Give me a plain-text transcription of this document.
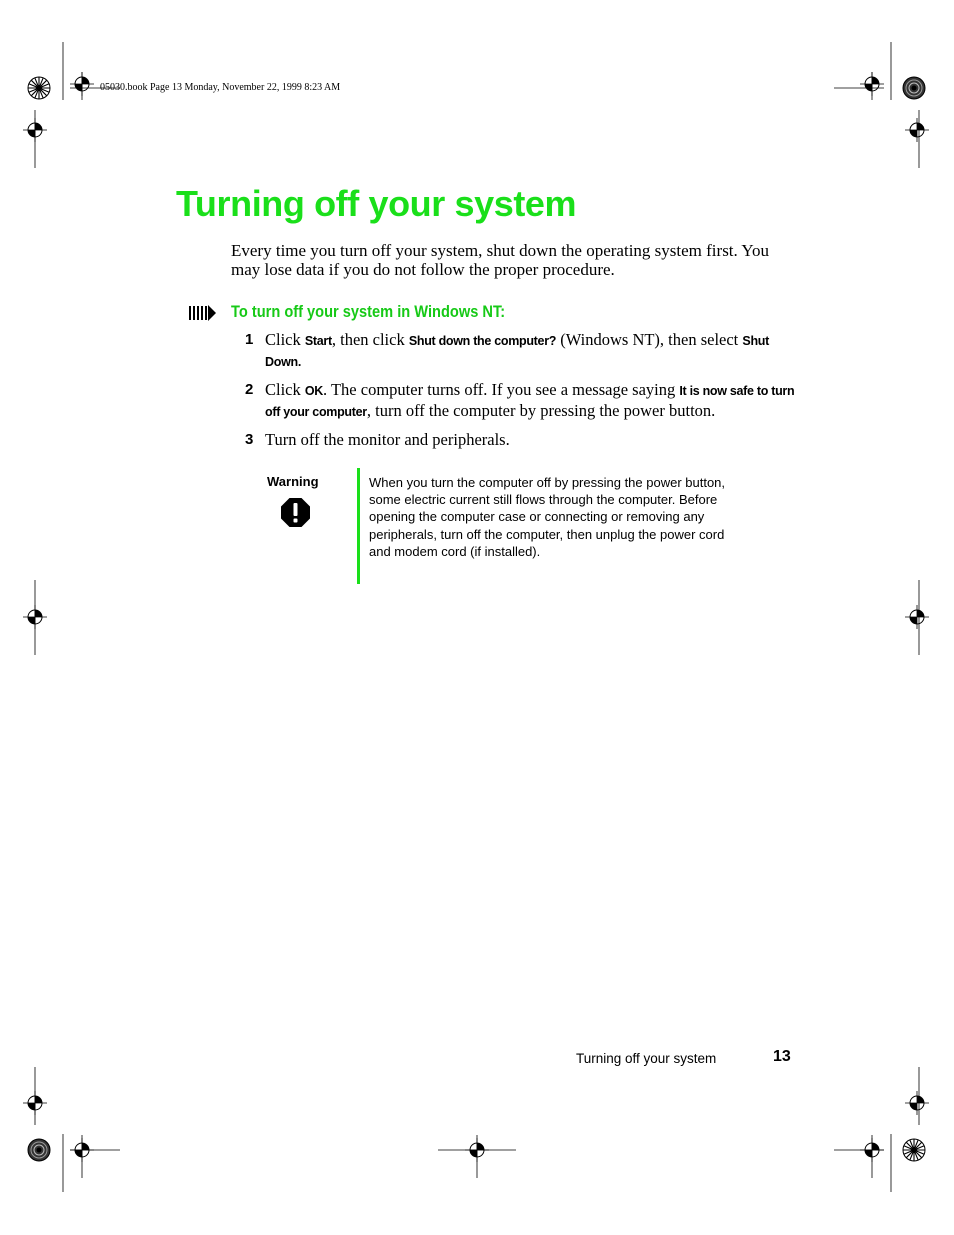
05030.book Page 13 Monday, November 22, 1999 8:23 AM
Turning off your system

Every time you turn off your system, shut down the operating system first. You may lose data if you do not follow the proper procedure.

To turn off your system in Windows NT:
1 Click Start, then click Shut down the computer? (Windows NT), then select Shut Down.
2 Click OK. The computer turns off. If you see a message saying It is now safe to turn off your computer, turn off the computer by pressing the power button.
3 Turn off the monitor and peripherals.
Warning	When you turn the computer off by pressing the power button, some electric current still flows through the computer. Before opening the computer case or connecting or removing any peripherals, turn off the computer, then unplug the power cord and modem cord (if installed).

Turning off your system	13
